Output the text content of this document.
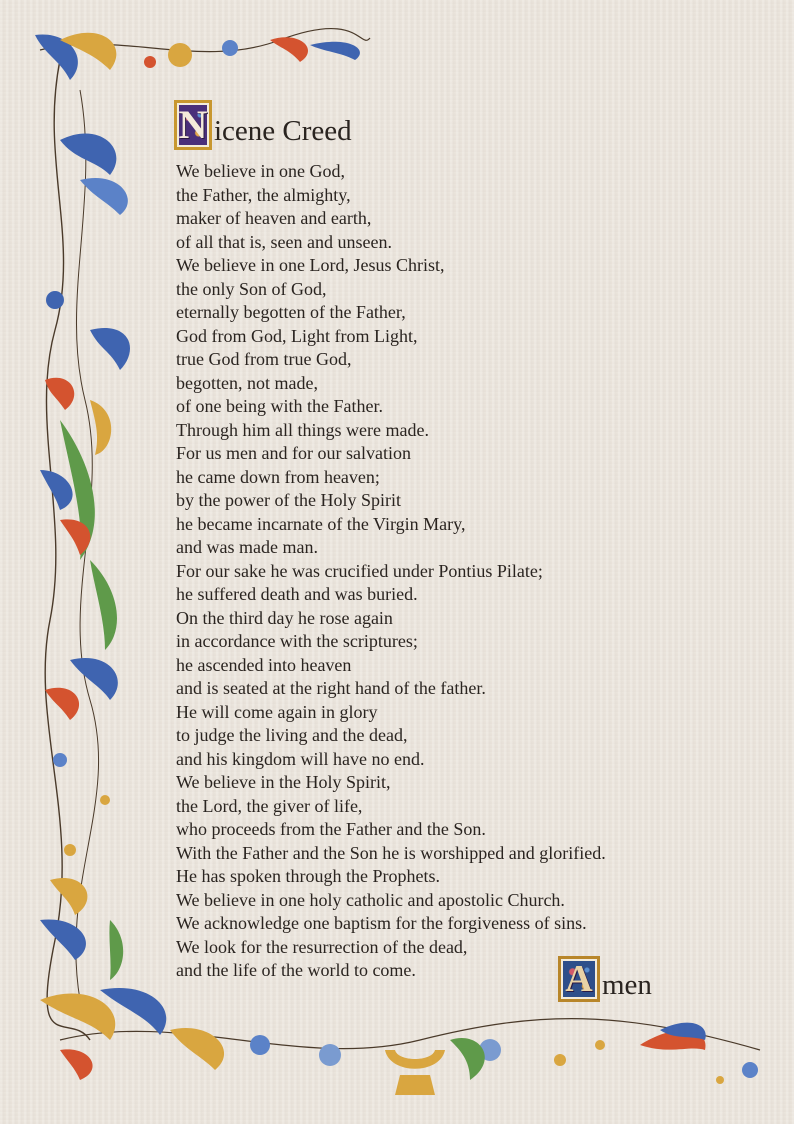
N icene Creed
We believe in one God,
the Father, the almighty,
maker of heaven and earth,
of all that is, seen and unseen.
We believe in one Lord, Jesus Christ,
the only Son of God,
eternally begotten of the Father,
God from God, Light from Light,
true God from true God,
begotten, not made,
of one being with the Father.
Through him all things were made.
For us men and for our salvation
he came down from heaven;
by the power of the Holy Spirit
he became incarnate of the Virgin Mary,
and was made man.
For our sake he was crucified under Pontius Pilate;
he suffered death and was buried.
On the third day he rose again
in accordance with the scriptures;
he ascended into heaven
and is seated at the right hand of the father.
He will come again in glory
to judge the living and the dead,
and his kingdom will have no end.
We believe in the Holy Spirit,
the Lord, the giver of life,
who proceeds from the Father and the Son.
With the Father and the Son he is worshipped and glorified.
He has spoken through the Prophets.
We believe in one holy catholic and apostolic Church.
We acknowledge one baptism for the forgiveness of sins.
We look for the resurrection of the dead,
and the life of the world to come.	A men
